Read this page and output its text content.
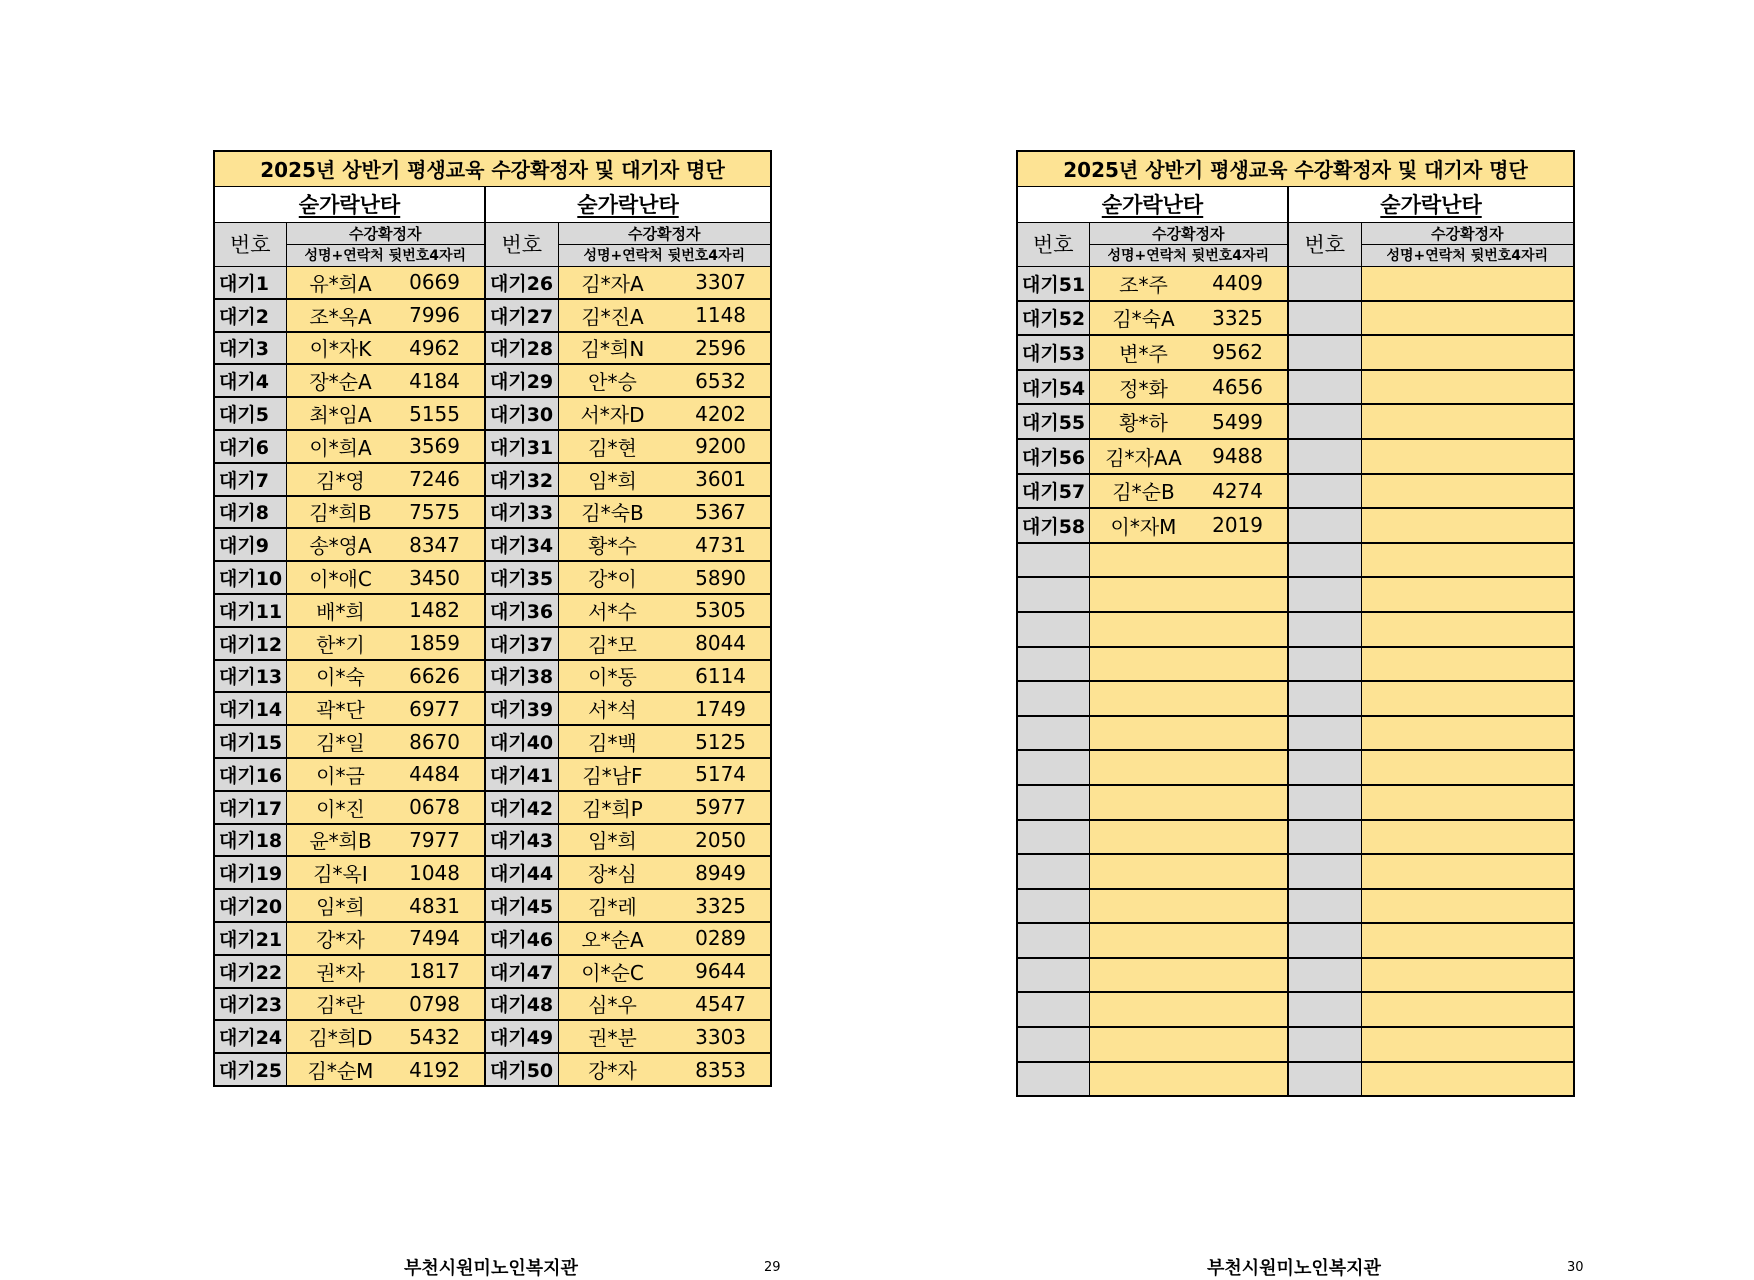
2025년 상반기 평생교육 수강확정자 및 대기자 명단			
숟가락난타		숟가락난타	
번호	수강확정자	번호	수강확정자
	성명+연락처 뒷번호4자리		성명+연락처 뒷번호4자리
대기1	유*희A 0669	대기26	김*자A 3307

대기2	조*옥A 7996	대기27	김*진A 1148

대기3	이*자K 4962	대기28	김*희N 2596

대기4	장*순A 4184	대기29	안*승 6532

대기5	최*임A 5155	대기30	서*자D 4202

대기6	이*희A 3569	대기31	김*현 9200

대기7	김*영 7246	대기32	임*희 3601

대기8	김*희B 7575	대기33	김*숙B 5367

대기9	송*영A 8347	대기34	황*수 4731

대기10	이*애C 3450	대기35	강*이 5890

대기11	배*희 1482	대기36	서*수 5305

대기12	한*기 1859	대기37	김*모 8044

대기13	이*숙 6626	대기38	이*동 6114

대기14	곽*단 6977	대기39	서*석 1749

대기15	김*일 8670	대기40	김*백 5125

대기16	이*금 4484	대기41	김*남F 5174

대기17	이*진 0678	대기42	김*희P 5977

대기18	윤*희B 7977	대기43	임*희 2050

대기19	김*옥I 1048	대기44	장*심 8949

대기20	임*희 4831	대기45	김*레 3325

대기21	강*자 7494	대기46	오*순A 0289

대기22	권*자 1817	대기47	이*순C 9644

대기23	김*란 0798	대기48	심*우 4547

대기24	김*희D 5432	대기49	권*분 3303

대기25	김*순M 4192	대기50	강*자 8353
부천시원미노인복지관	29
2025년 상반기 평생교육 수강확정자 및 대기자 명단			
숟가락난타		숟가락난타	
번호	수강확정자	번호	수강확정자
	성명+연락처 뒷번호4자리		성명+연락처 뒷번호4자리
대기51	조*주 4409		

대기52	김*숙A 3325		

대기53	변*주 9562		

대기54	정*화 4656		

대기55	황*하 5499		

대기56	김*자AA 9488		

대기57	김*순B 4274		

대기58	이*자M 2019		

부천시원미노인복지관	30
